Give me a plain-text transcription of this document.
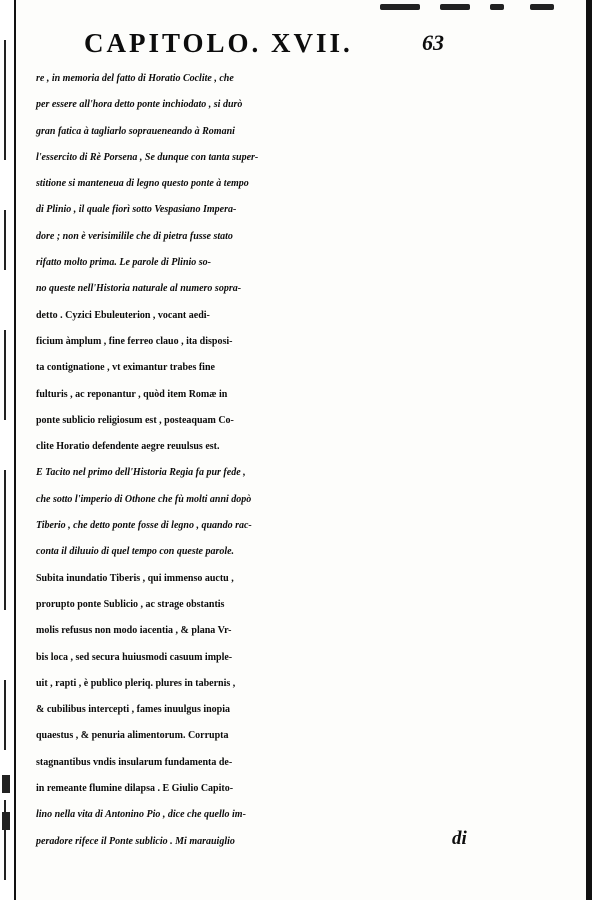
CAPITOLO. XVII.	63
re , in memoria del fatto di Horatio Coclite , che
per essere all'hora detto ponte inchiodato , si durò
gran fatica à tagliarlo sopraueneando à Romani
l'essercito di Rè Porsena , Se dunque con tanta super-
stitione si manteneua di legno questo ponte à tempo
di Plinio , il quale fiorì sotto Vespasiano Impera-
dore ; non è verisimilile che di pietra fusse stato
rifatto molto prima. Le parole di Plinio so-
no queste nell'Historia naturale al numero sopra-
detto . Cyzici Ebuleuterion , vocant aedi-
ficium àmplum , fine ferreo clauo , ita disposi-
ta contignatione , vt eximantur trabes fine
fulturis , ac reponantur , quòd item Romæ in
ponte sublicio religiosum est , posteaquam Co-
clite Horatio defendente aegre reuulsus est.
E Tacito nel primo dell'Historia Regia fa pur fede ,
che sotto l'imperio di Othone che fù molti anni dopò
Tiberio , che detto ponte fosse di legno , quando rac-
conta il diluuio di quel tempo con queste parole.
Subita inundatio Tiberis , qui immenso auctu ,
prorupto ponte Sublicio , ac strage obstantis
molis refusus non modo iacentia , & plana Vr-
bis loca , sed secura huiusmodi casuum imple-
uit , rapti , è publico pleriq. plures in tabernis ,
& cubilibus intercepti , fames inuulgus inopia
quaestus , & penuria alimentorum. Corrupta
stagnantibus vndis insularum fundamenta de-
in remeante flumine dilapsa . E Giulio Capito-
lino nella vita di Antonino Pio , dice che quello im-
peradore rifece il Ponte sublicio . Mi marauiglio	di
